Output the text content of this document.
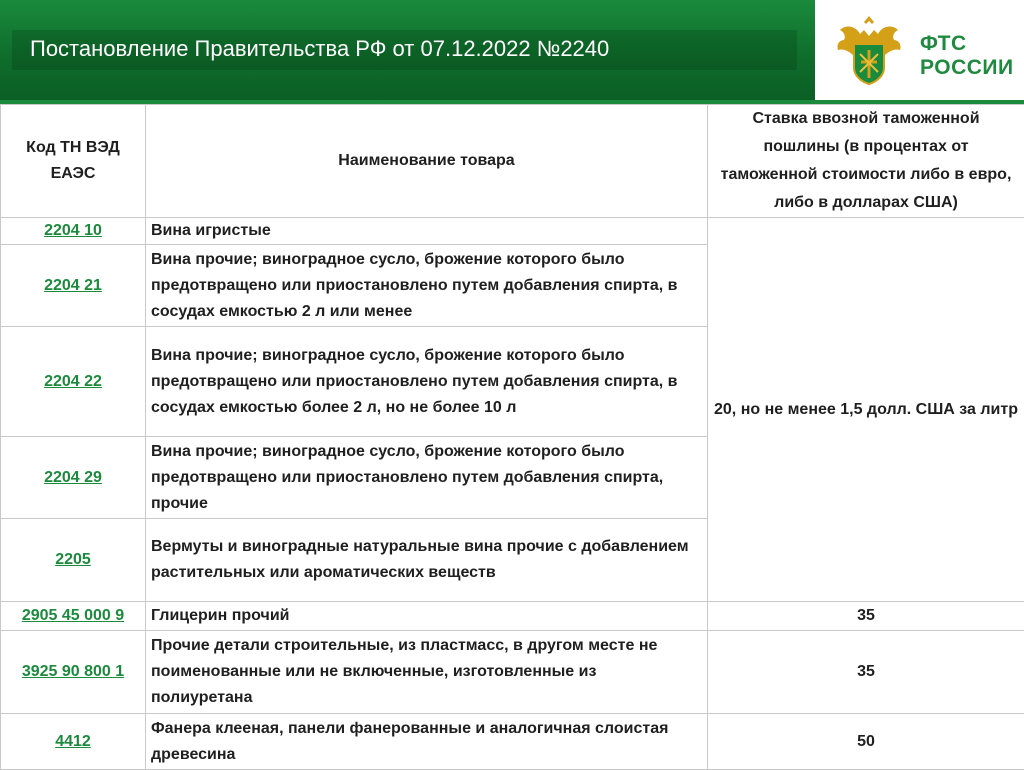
Постановление Правительства РФ от 07.12.2022 №2240	ФТС
РОССИИ
Код ТН ВЭД ЕАЭС	Наименование товара	Ставка ввозной таможенной пошлины (в процентах от таможенной стоимости либо в евро, либо в долларах США)
2204 10	Вина игристые	20, но не менее 1,5 долл. США за литр
2204 21	Вина прочие; виноградное сусло, брожение которого было предотвращено или приостановлено путем добавления спирта, в сосудах емкостью 2 л или менее	
2204 22	Вина прочие; виноградное сусло, брожение которого было предотвращено или приостановлено путем добавления спирта, в сосудах емкостью более 2 л, но не более 10 л	
2204 29	Вина прочие; виноградное сусло, брожение которого было предотвращено или приостановлено путем добавления спирта, прочие	
2205	Вермуты и виноградные натуральные вина прочие с добавлением растительных или ароматических веществ	
2905 45 000 9	Глицерин прочий	35
3925 90 800 1	Прочие детали строительные, из пластмасс, в другом месте не поименованные или не включенные, изготовленные из полиуретана	35
4412	Фанера клееная, панели фанерованные и аналогичная слоистая древесина	50
